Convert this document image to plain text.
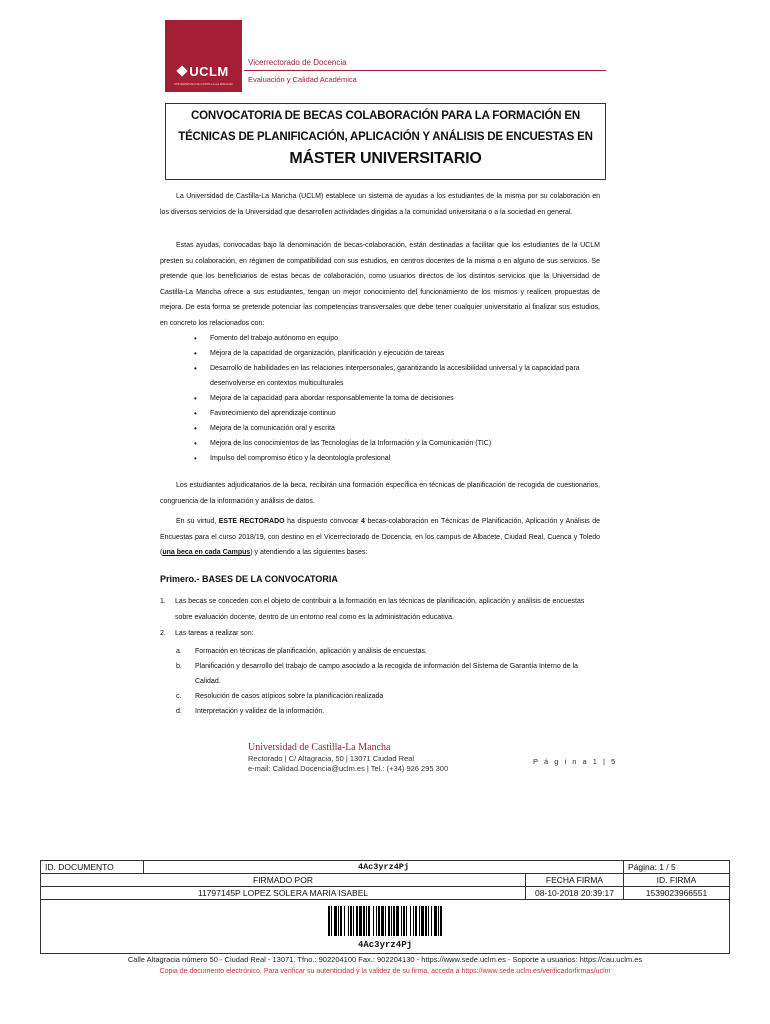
UCLM
UNIVERSIDAD DE CASTILLA-LA MANCHA
Vicerrectorado de Docencia
Evaluación y Calidad Académica
CONVOCATORIA DE BECAS COLABORACIÓN PARA LA FORMACIÓN EN
TÉCNICAS DE PLANIFICACIÓN, APLICACIÓN Y ANÁLISIS DE ENCUESTAS EN
MÁSTER UNIVERSITARIO

La Universidad de Castilla-La Mancha (UCLM) establece un sistema de ayudas a los estudiantes de la misma por su colaboración en los diversos servicios de la Universidad que desarrollen actividades dirigidas a la comunidad universitaria o a la sociedad en general.

Estas ayudas, convocadas bajo la denominación de becas-colaboración, están destinadas a facilitar que los estudiantes de la UCLM presten su colaboración, en régimen de compatibilidad con sus estudios, en centros docentes de la misma o en alguno de sus servicios. Se pretende que los beneficiarios de estas becas de colaboración, como usuarios directos de los distintos servicios que la Universidad de Castilla-La Mancha ofrece a sus estudiantes, tengan un mejor conocimiento del funcionamiento de los mismos y realicen propuestas de mejora. De esta forma se pretende potenciar las competencias transversales que debe tener cualquier universitario al finalizar sus estudios, en concreto los relacionados con:

• Fomento del trabajo autónomo en equipo
• Mejora de la capacidad de organización, planificación y ejecución de tareas
• Desarrollo de habilidades en las relaciones interpersonales, garantizando la accesibilidad universal y la capacidad para desenvolverse en contextos multiculturales
• Mejora de la capacidad para abordar responsablemente la toma de decisiones
• Favorecimiento del aprendizaje continuo
• Mejora de la comunicación oral y escrita
• Mejora de los conocimientos de las Tecnologías de la Información y la Comunicación (TIC)
• Impulso del compromiso ético y la deontología profesional

Los estudiantes adjudicatarios de la beca, recibirán una formación específica en técnicas de planificación de recogida de cuestionarios, congruencia de la información y análisis de datos.

En su virtud, ESTE RECTORADO ha dispuesto convocar 4 becas-colaboración en Técnicas de Planificación, Aplicación y Análisis de Encuestas para el curso 2018/19, con destino en el Vicerrectorado de Docencia, en los campus de Albacete, Ciudad Real, Cuenca y Toledo (una beca en cada Campus) y atendiendo a las siguientes bases:

Primero.- BASES DE LA CONVOCATORIA
1.	Las becas se conceden con el objeto de contribuir a la formación en las técnicas de planificación, aplicación y análisis de encuestas sobre evaluación docente, dentro de un entorno real como es la administración educativa.
2.	Las tareas a realizar son:
a. Formación en técnicas de planificación, aplicación y análisis de encuestas.
b. Planificación y desarrollo del trabajo de campo asociado a la recogida de información del Sistema de Garantía Interno de la Calidad.
c. Resolución de casos atípicos sobre la planificación realizada
d. Interpretación y validez de la información.
Universidad de Castilla-La Mancha
Rectorado | C/ Altagracia, 50 | 13071 Ciudad Real
e-mail: Calidad.Docencia@uclm.es | Tel.: (+34) 926 295 300
P á g i n a 1 | 5
ID. DOCUMENTO	4Ac3yrz4Pj		Página: 1 / 5
FIRMADO POR		FECHA FIRMA	ID. FIRMA
11797145P LOPEZ SOLERA MARIA ISABEL		08-10-2018 20:39:17	1539023966551

4Ac3yrz4Pj			
Calle Altagracia número 50 - Ciudad Real - 13071. Tfno.: 902204100 Fax.: 902204130 - https://www.sede.uclm.es - Soporte a usuarios: https://cau.uclm.es
Copia de documento electrónico. Para verificar su autenticidad y la validez de su firma, acceda a https://www.sede.uclm.es/verificadorfirmas/uclm
